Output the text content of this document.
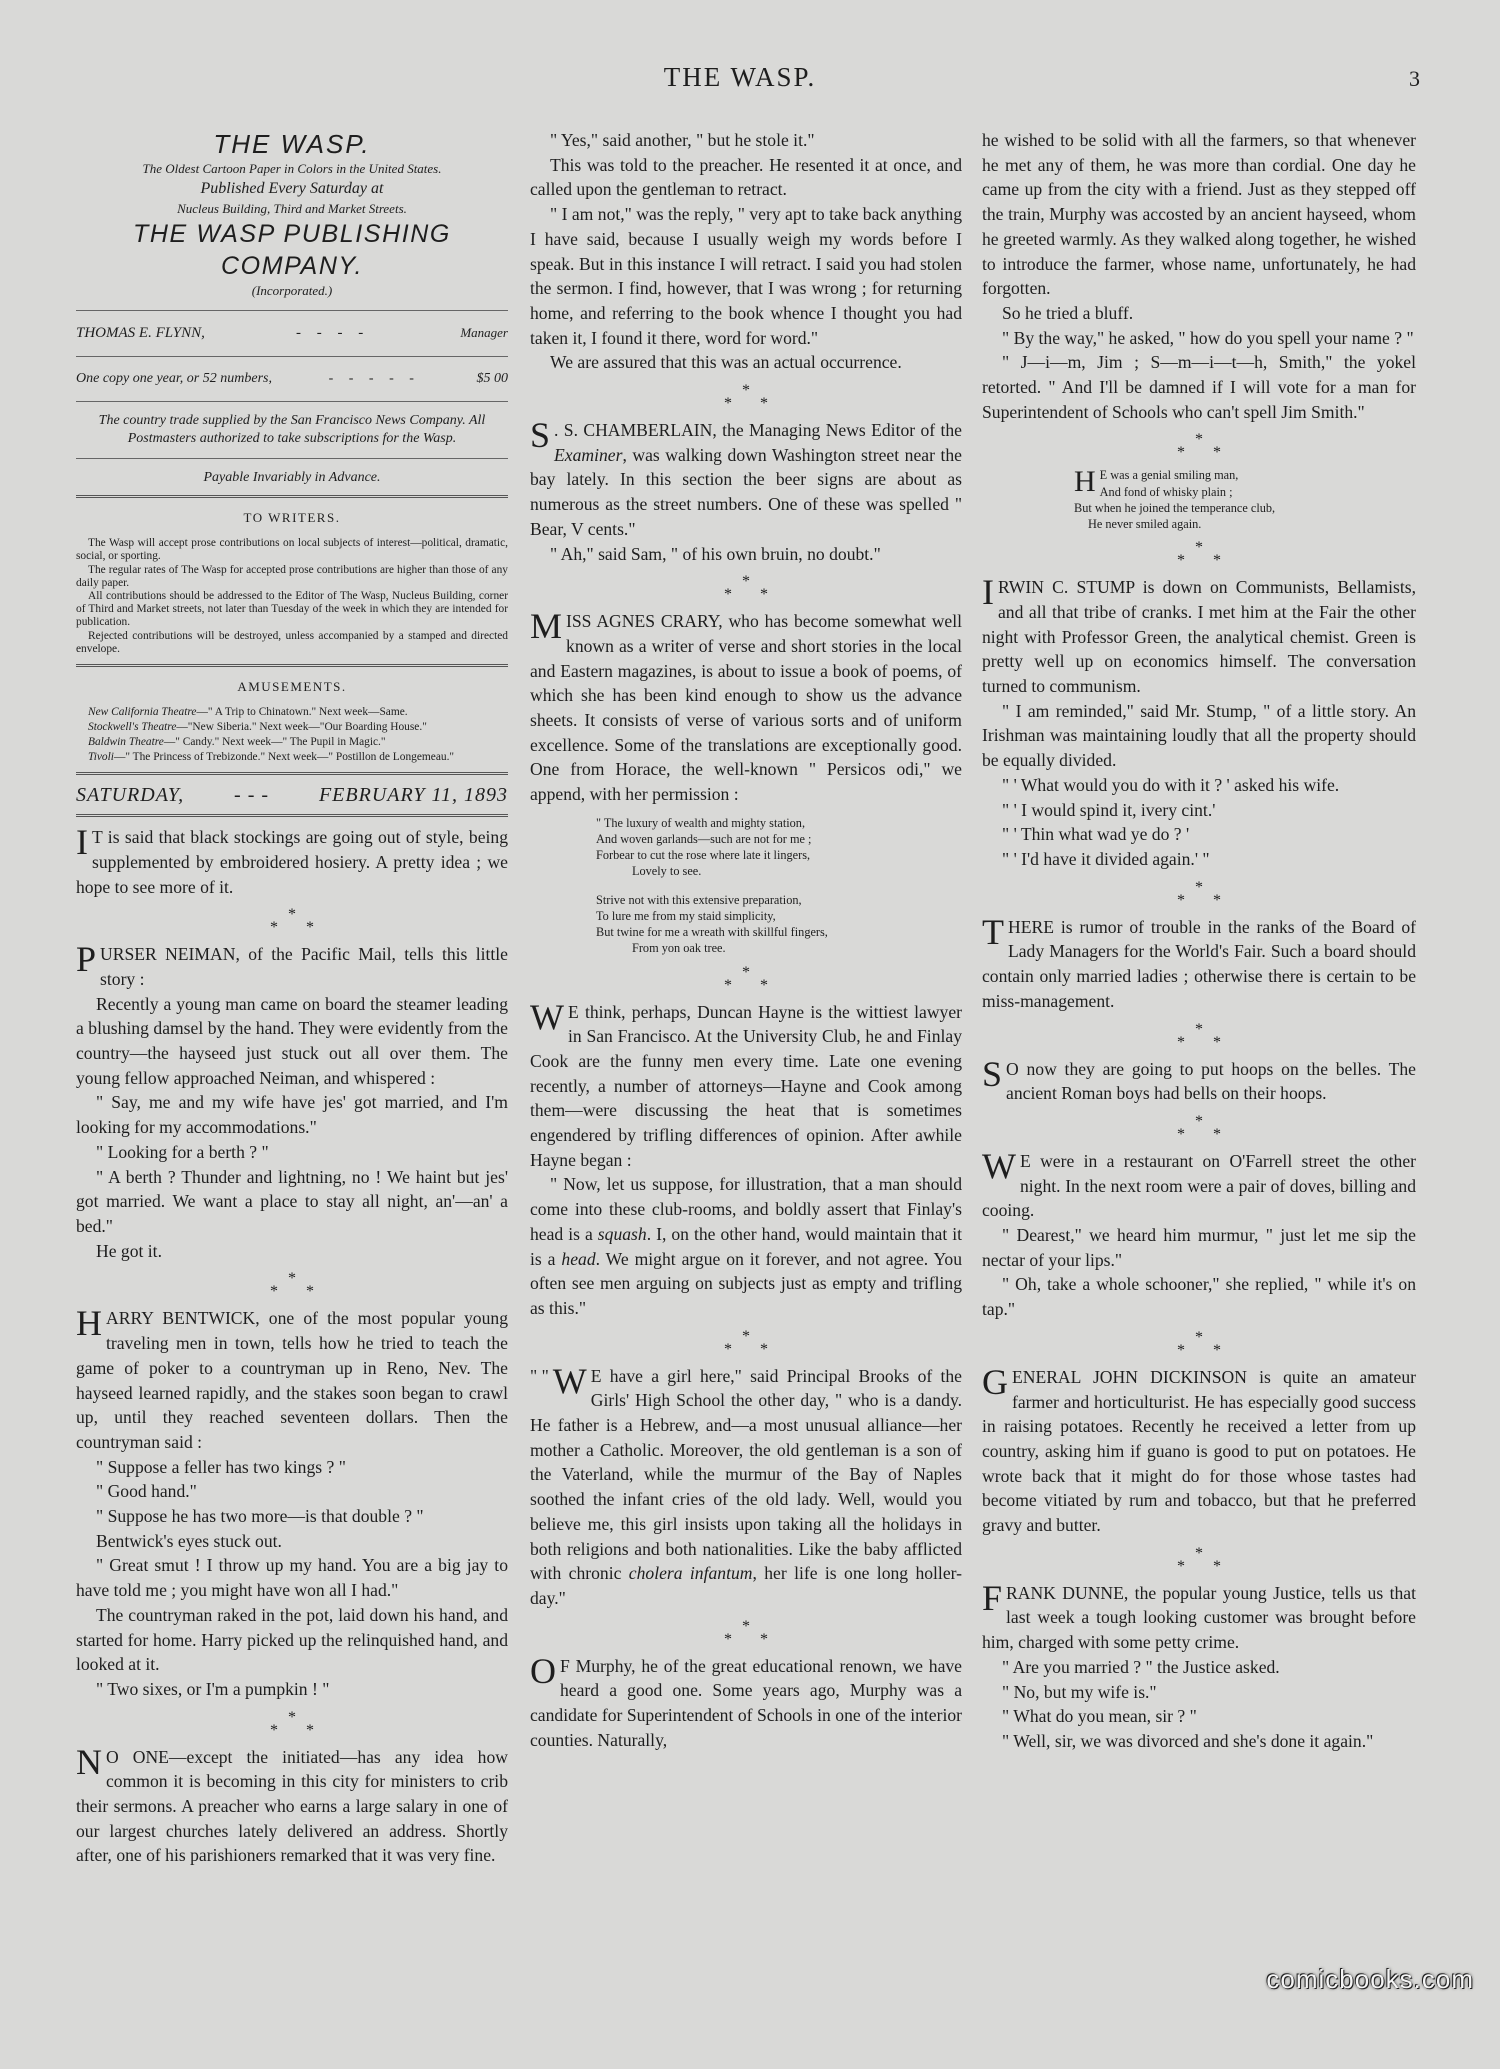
THE WASP.	3
THE WASP.
The Oldest Cartoon Paper in Colors in the United States.
Published Every Saturday at
Nucleus Building, Third and Market Streets.
THE WASP PUBLISHING COMPANY.
(Incorporated.)
THOMAS E. FLYNN,	- - - -	Manager
One copy one year, or 52 numbers,	- - - - -	$5 00
The country trade supplied by the San Francisco News Company. All Postmasters authorized to take subscriptions for the Wasp.
Payable Invariably in Advance.
TO WRITERS.

The Wasp will accept prose contributions on local subjects of interest—political, dramatic, social, or sporting.

The regular rates of The Wasp for accepted prose contributions are higher than those of any daily paper.

All contributions should be addressed to the Editor of The Wasp, Nucleus Building, corner of Third and Market streets, not later than Tuesday of the week in which they are intended for publication.

Rejected contributions will be destroyed, unless accompanied by a stamped and directed envelope.

AMUSEMENTS.

New California Theatre—" A Trip to Chinatown." Next week—Same.

Stockwell's Theatre—"New Siberia." Next week—"Our Boarding House."

Baldwin Theatre—" Candy." Next week—" The Pupil in Magic."

Tivoli—" The Princess of Trebizonde." Next week—" Postillon de Longemeau."

SATURDAY, - - - FEBRUARY 11, 1893

I T is said that black stockings are going out of style, being supplemented by embroidered hosiery. A pretty idea ; we hope to see more of it.

*
* *

PURSER NEIMAN, of the Pacific Mail, tells this little story :

Recently a young man came on board the steamer leading a blushing damsel by the hand. They were evidently from the country—the hayseed just stuck out all over them. The young fellow approached Neiman, and whispered :

" Say, me and my wife have jes' got married, and I'm looking for my accommodations."

" Looking for a berth ? "

" A berth ? Thunder and lightning, no ! We haint but jes' got married. We want a place to stay all night, an'—an' a bed."

He got it.

*
* *

HARRY BENTWICK, one of the most popular young traveling men in town, tells how he tried to teach the game of poker to a countryman up in Reno, Nev. The hayseed learned rapidly, and the stakes soon began to crawl up, until they reached seventeen dollars. Then the countryman said :

" Suppose a feller has two kings ? "

" Good hand."

" Suppose he has two more—is that double ? "

Bentwick's eyes stuck out.

" Great smut ! I throw up my hand. You are a big jay to have told me ; you might have won all I had."

The countryman raked in the pot, laid down his hand, and started for home. Harry picked up the relinquished hand, and looked at it.

" Two sixes, or I'm a pumpkin ! "

*
* *

N O ONE—except the initiated—has any idea how common it is becoming in this city for ministers to crib their sermons. A preacher who earns a large salary in one of our largest churches lately delivered an address. Shortly after, one of his parishioners remarked that it was very fine.

" Yes," said another, " but he stole it."

This was told to the preacher. He resented it at once, and called upon the gentleman to retract.

" I am not," was the reply, " very apt to take back anything I have said, because I usually weigh my words before I speak. But in this instance I will retract. I said you had stolen the sermon. I find, however, that I was wrong ; for returning home, and referring to the book whence I thought you had taken it, I found it there, word for word."

We are assured that this was an actual occurrence.

*
* *

S . S. CHAMBERLAIN, the Managing News Editor of the Examiner, was walking down Washington street near the bay lately. In this section the beer signs are about as numerous as the street numbers. One of these was spelled " Bear, V cents."

" Ah," said Sam, " of his own bruin, no doubt."

*
* *

MISS AGNES CRARY, who has become somewhat well known as a writer of verse and short stories in the local and Eastern magazines, is about to issue a book of poems, of which she has been kind enough to show us the advance sheets. It consists of verse of various sorts and of uniform excellence. Some of the translations are exceptionally good. One from Horace, the well-known " Persicos odi," we append, with her permission :

" The luxury of wealth and mighty station,
And woven garlands—such are not for me ;
Forbear to cut the rose where late it lingers,
Lovely to see.
Strive not with this extensive preparation,
To lure me from my staid simplicity,
But twine for me a wreath with skillful fingers,
From yon oak tree.
*
* *

W E think, perhaps, Duncan Hayne is the wittiest lawyer in San Francisco. At the University Club, he and Finlay Cook are the funny men every time. Late one evening recently, a number of attorneys—Hayne and Cook among them—were discussing the heat that is sometimes engendered by trifling differences of opinion. After awhile Hayne began :

" Now, let us suppose, for illustration, that a man should come into these club-rooms, and boldly assert that Finlay's head is a squash. I, on the other hand, would maintain that it is a head. We might argue on it forever, and not agree. You often see men arguing on subjects just as empty and trifling as this."

*
* *

" " W E have a girl here," said Principal Brooks of the Girls' High School the other day, " who is a dandy. He father is a Hebrew, and—a most unusual alliance—her mother a Catholic. Moreover, the old gentleman is a son of the Vaterland, while the murmur of the Bay of Naples soothed the infant cries of the old lady. Well, would you believe me, this girl insists upon taking all the holidays in both religions and both nationalities. Like the baby afflicted with chronic cholera infantum, her life is one long holler-day."

*
* *

O F Murphy, he of the great educational renown, we have heard a good one. Some years ago, Murphy was a candidate for Superintendent of Schools in one of the interior counties. Naturally,

he wished to be solid with all the farmers, so that whenever he met any of them, he was more than cordial. One day he came up from the city with a friend. Just as they stepped off the train, Murphy was accosted by an ancient hayseed, whom he greeted warmly. As they walked along together, he wished to introduce the farmer, whose name, unfortunately, he had forgotten.

So he tried a bluff.

" By the way," he asked, " how do you spell your name ? "

" J—i—m, Jim ; S—m—i—t—h, Smith," the yokel retorted. " And I'll be damned if I will vote for a man for Superintendent of Schools who can't spell Jim Smith."

*
* *
H E was a genial smiling man,
And fond of whisky plain ;
But when he joined the temperance club,
He never smiled again.
*
* *

IRWIN C. STUMP is down on Communists, Bellamists, and all that tribe of cranks. I met him at the Fair the other night with Professor Green, the analytical chemist. Green is pretty well up on economics himself. The conversation turned to communism.

" I am reminded," said Mr. Stump, " of a little story. An Irishman was maintaining loudly that all the property should be equally divided.

" ' What would you do with it ? ' asked his wife.

" ' I would spind it, ivery cint.'

" ' Thin what wad ye do ? '

" ' I'd have it divided again.' "

*
* *

THERE is rumor of trouble in the ranks of the Board of Lady Managers for the World's Fair. Such a board should contain only married ladies ; otherwise there is certain to be miss-management.

*
* *

S O now they are going to put hoops on the belles. The ancient Roman boys had bells on their hoops.

*
* *

W E were in a restaurant on O'Farrell street the other night. In the next room were a pair of doves, billing and cooing.

" Dearest," we heard him murmur, " just let me sip the nectar of your lips."

" Oh, take a whole schooner," she replied, " while it's on tap."

*
* *

GENERAL JOHN DICKINSON is quite an amateur farmer and horticulturist. He has especially good success in raising potatoes. Recently he received a letter from up country, asking him if guano is good to put on potatoes. He wrote back that it might do for those whose tastes had become vitiated by rum and tobacco, but that he preferred gravy and butter.

*
* *

FRANK DUNNE, the popular young Justice, tells us that last week a tough looking customer was brought before him, charged with some petty crime.

" Are you married ? " the Justice asked.

" No, but my wife is."

" What do you mean, sir ? "

" Well, sir, we was divorced and she's done it again."

comicbooks.com
